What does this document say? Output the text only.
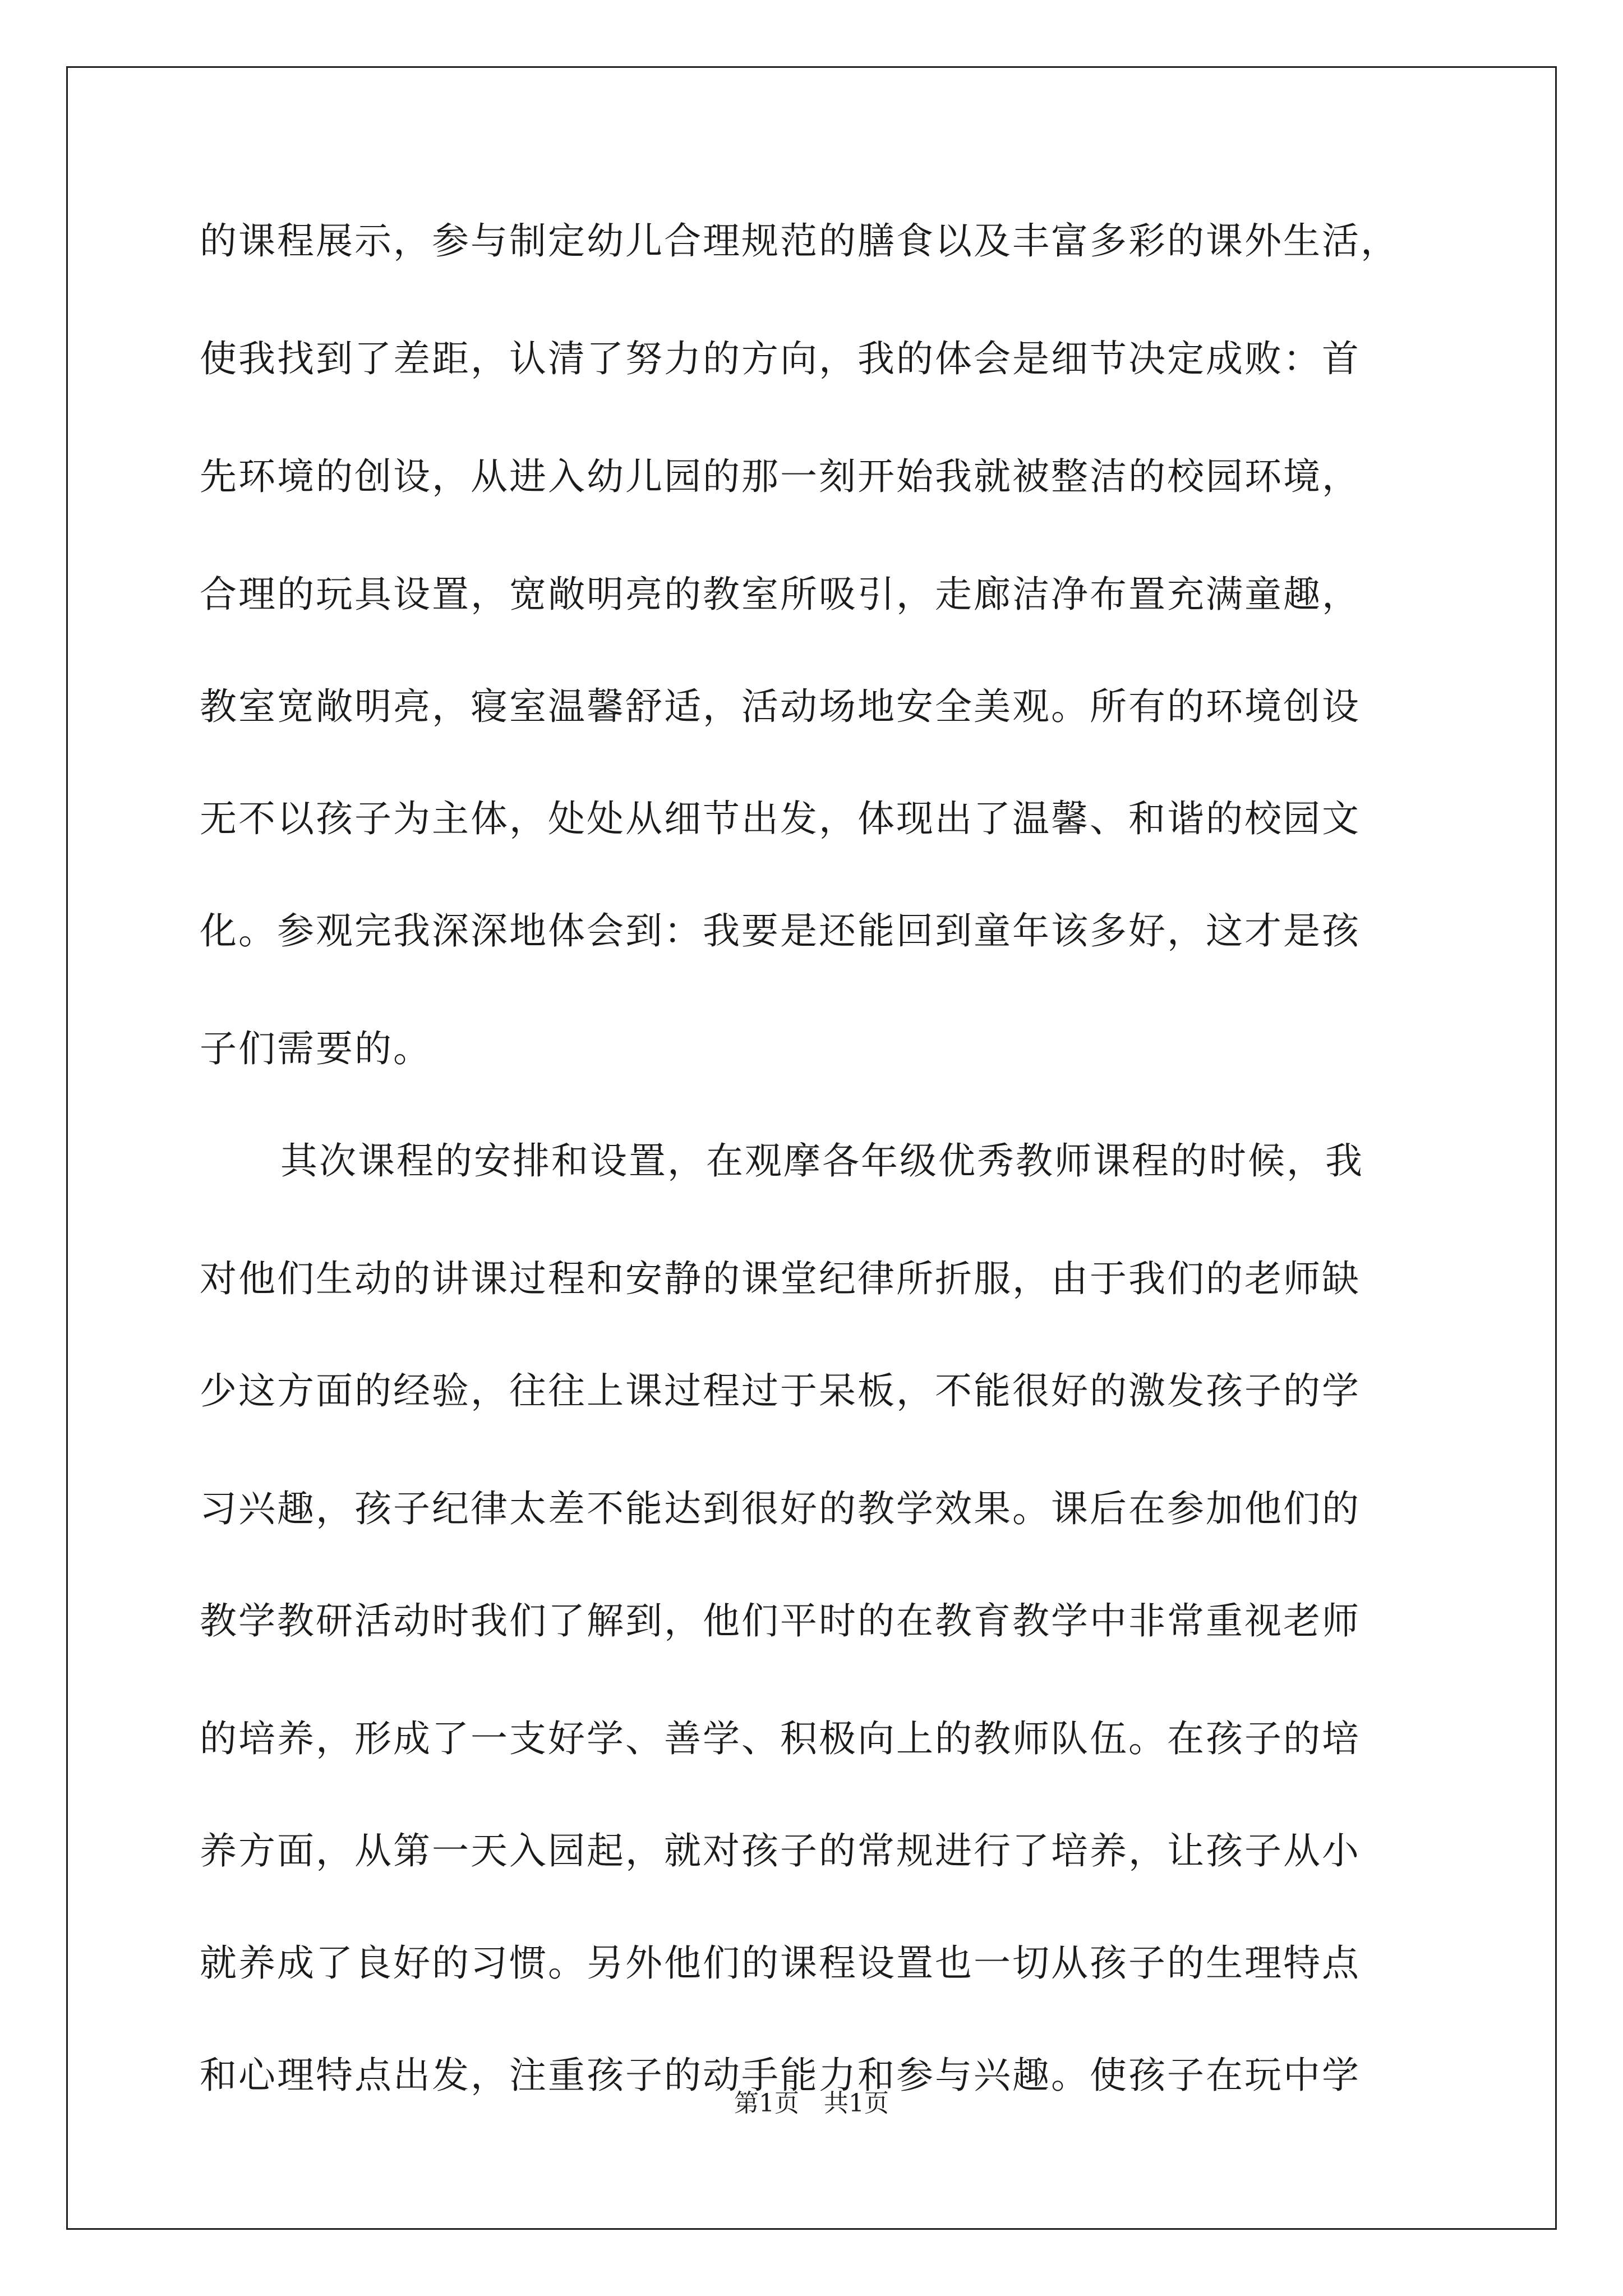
的课程展示，参与制定幼儿合理规范的膳食以及丰富多彩的课外生活，
使我找到了差距，认清了努力的方向，我的体会是细节决定成败：首
先环境的创设，从进入幼儿园的那一刻开始我就被整洁的校园环境，
合理的玩具设置，宽敞明亮的教室所吸引，走廊洁净布置充满童趣，
教室宽敞明亮，寝室温馨舒适，活动场地安全美观。所有的环境创设
无不以孩子为主体，处处从细节出发，体现出了温馨、和谐的校园文
化。参观完我深深地体会到：我要是还能回到童年该多好，这才是孩
子们需要的。
其次课程的安排和设置，在观摩各年级优秀教师课程的时候，我
对他们生动的讲课过程和安静的课堂纪律所折服，由于我们的老师缺
少这方面的经验，往往上课过程过于呆板，不能很好的激发孩子的学
习兴趣，孩子纪律太差不能达到很好的教学效果。课后在参加他们的
教学教研活动时我们了解到，他们平时的在教育教学中非常重视老师
的培养，形成了一支好学、善学、积极向上的教师队伍。在孩子的培
养方面，从第一天入园起，就对孩子的常规进行了培养，让孩子从小
就养成了良好的习惯。另外他们的课程设置也一切从孩子的生理特点
和心理特点出发，注重孩子的动手能力和参与兴趣。使孩子在玩中学
第1页　共1页
